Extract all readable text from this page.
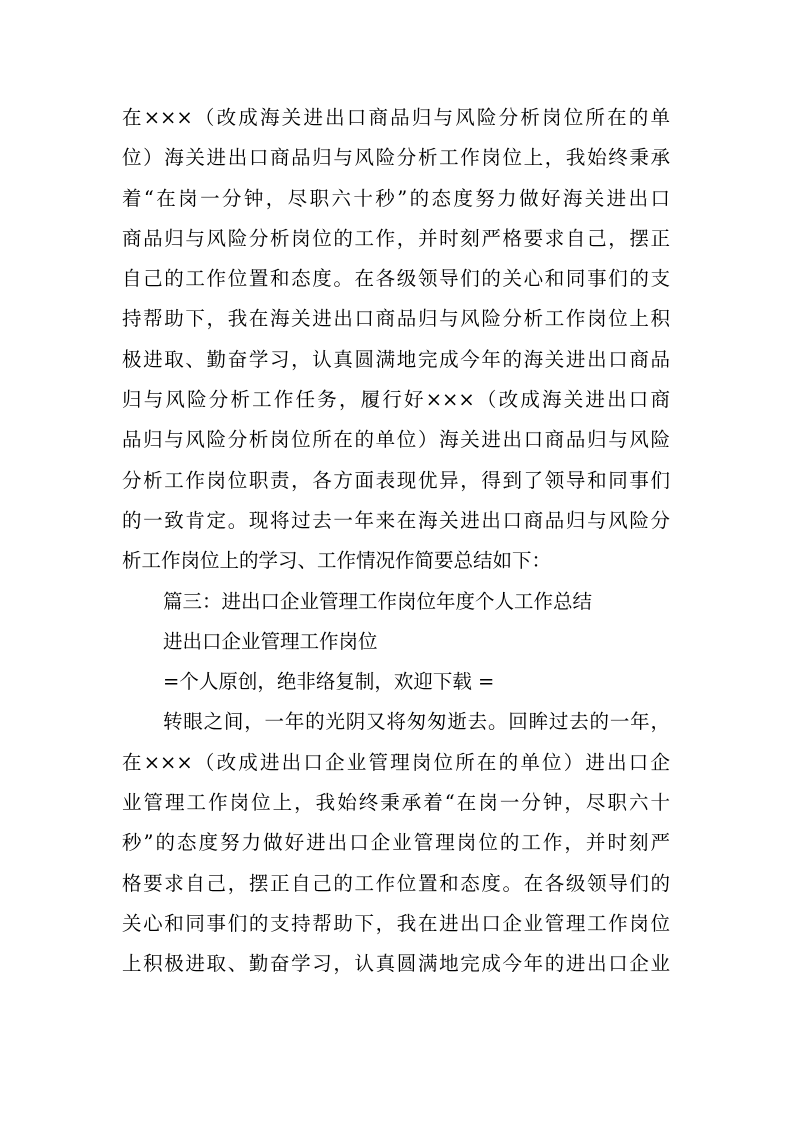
在×××（改成海关进出口商品归与风险分析岗位所在的单
位）海关进出口商品归与风险分析工作岗位上，我始终秉承
着“在岗一分钟，尽职六十秒”的态度努力做好海关进出口
商品归与风险分析岗位的工作，并时刻严格要求自己，摆正
自己的工作位置和态度。在各级领导们的关心和同事们的支
持帮助下，我在海关进出口商品归与风险分析工作岗位上积
极进取、勤奋学习，认真圆满地完成今年的海关进出口商品
归与风险分析工作任务，履行好×××（改成海关进出口商
品归与风险分析岗位所在的单位）海关进出口商品归与风险
分析工作岗位职责，各方面表现优异，得到了领导和同事们
的一致肯定。现将过去一年来在海关进出口商品归与风险分
析工作岗位上的学习、工作情况作简要总结如下：
篇三：进出口企业管理工作岗位年度个人工作总结
进出口企业管理工作岗位
=个人原创，绝非络复制，欢迎下载 =
转眼之间，一年的光阴又将匆匆逝去。回眸过去的一年，
在×××（改成进出口企业管理岗位所在的单位）进出口企
业管理工作岗位上，我始终秉承着“在岗一分钟，尽职六十
秒”的态度努力做好进出口企业管理岗位的工作，并时刻严
格要求自己，摆正自己的工作位置和态度。在各级领导们的
关心和同事们的支持帮助下，我在进出口企业管理工作岗位
上积极进取、勤奋学习，认真圆满地完成今年的进出口企业
